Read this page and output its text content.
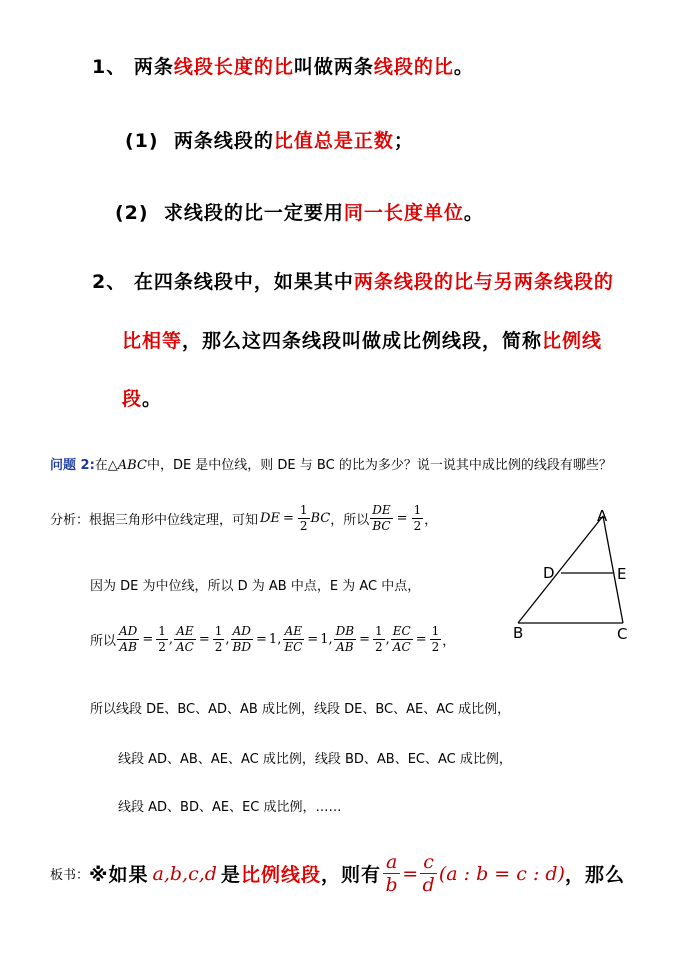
1、 两条线段长度的比叫做两条线段的比。
(1) 两条线段的比值总是正数；
(2) 求线段的比一定要用同一长度单位。
2、 在四条线段中，如果其中两条线段的比与另两条线段的
比相等，那么这四条线段叫做成比例线段，简称比例线
段。
问题 2:在△ABC中，DE 是中位线，则 DE 与 BC 的比为多少？说一说其中成比例的线段有哪些？
分析： 根据三角形中位线定理，可知 DE = $\frac{1}{2}$ BC ，所以 $\frac{DE}{BC} = \frac{1}{2}$ ，
因为 DE 为中位线，所以 D 为 AB 中点，E 为 AC 中点，
所以 $\frac{AD}{AB} = \frac{1}{2}$ , $\frac{AE}{AC} = \frac{1}{2}$ , $\frac{AD}{BD} = 1$ , $\frac{AE}{EC} = 1$ , $\frac{DB}{AB} = \frac{1}{2}$ , $\frac{EC}{AC} = \frac{1}{2}$ ，
所以线段 DE、BC、AD、AB 成比例，线段 DE、BC、AE、AC 成比例，
线段 AD、AB、AE、AC 成比例，线段 BD、AB、EC、AC 成比例，
线段 AD、BD、AE、EC 成比例，……
A
D	E
B	C
板书： ※如果 a,b,c,d 是 比例线段 ，则有 $\frac{a}{b} = \frac{c}{d} (a$ : b = c : d) ，那么
